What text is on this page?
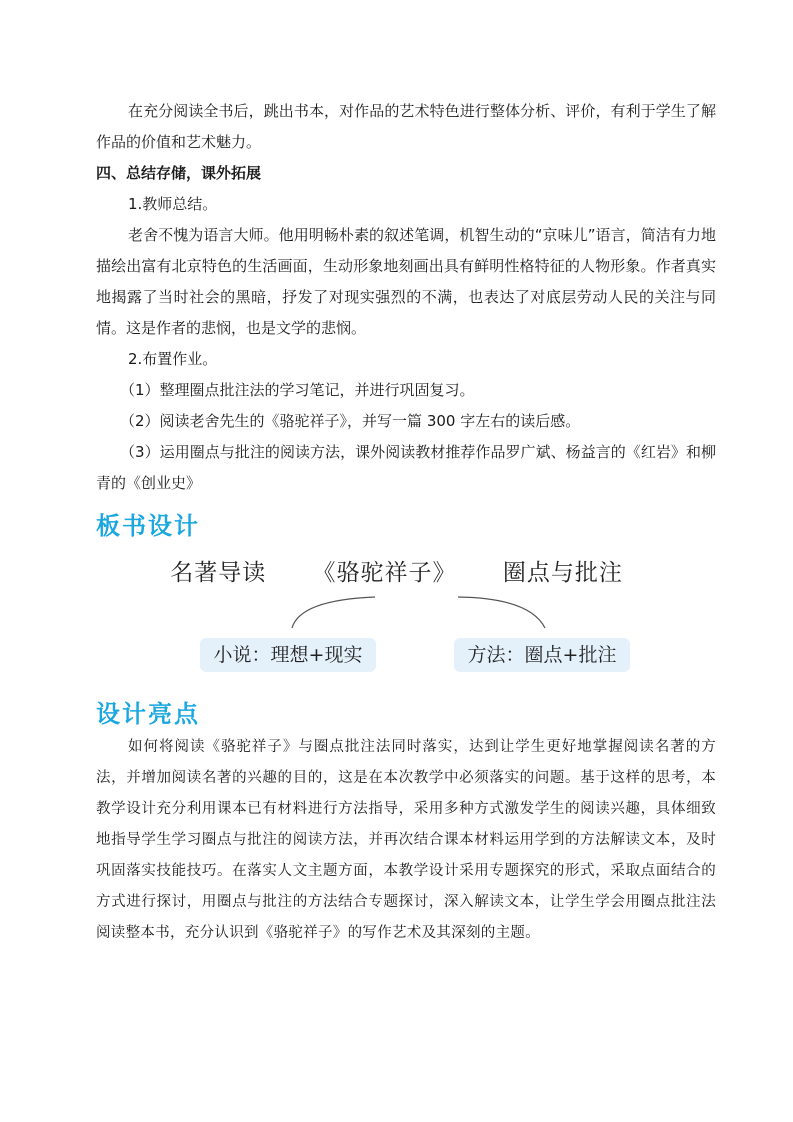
在充分阅读全书后，跳出书本，对作品的艺术特色进行整体分析、评价，有利于学生了解作品的价值和艺术魅力。

四、总结存储，课外拓展

1.教师总结。

老舍不愧为语言大师。他用明畅朴素的叙述笔调，机智生动的“京味儿”语言，简洁有力地描绘出富有北京特色的生活画面，生动形象地刻画出具有鲜明性格特征的人物形象。作者真实地揭露了当时社会的黑暗，抒发了对现实强烈的不满，也表达了对底层劳动人民的关注与同情。这是作者的悲悯，也是文学的悲悯。

2.布置作业。

（1）整理圈点批注法的学习笔记，并进行巩固复习。

（2）阅读老舍先生的《骆驼祥子》，并写一篇 300 字左右的读后感。

（3）运用圈点与批注的阅读方法，课外阅读教材推荐作品罗广斌、杨益言的《红岩》和柳青的《创业史》

板书设计
名著导读 《骆驼祥子》 圈点与批注
小说：理想+现实	方法：圈点+批注
设计亮点

如何将阅读《骆驼祥子》与圈点批注法同时落实，达到让学生更好地掌握阅读名著的方法，并增加阅读名著的兴趣的目的，这是在本次教学中必须落实的问题。基于这样的思考，本教学设计充分利用课本已有材料进行方法指导，采用多种方式激发学生的阅读兴趣，具体细致地指导学生学习圈点与批注的阅读方法，并再次结合课本材料运用学到的方法解读文本，及时巩固落实技能技巧。在落实人文主题方面，本教学设计采用专题探究的形式，采取点面结合的方式进行探讨，用圈点与批注的方法结合专题探讨，深入解读文本，让学生学会用圈点批注法阅读整本书，充分认识到《骆驼祥子》的写作艺术及其深刻的主题。
